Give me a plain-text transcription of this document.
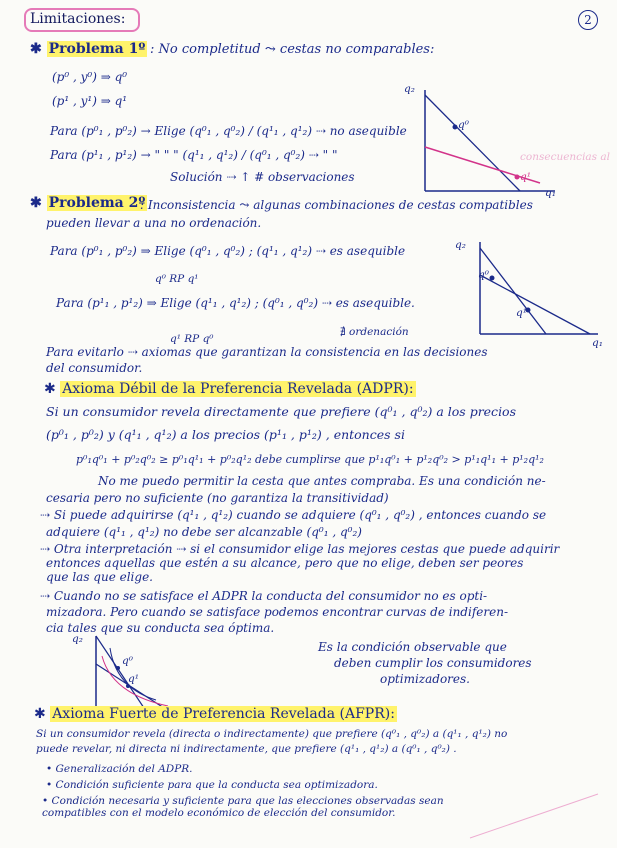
Limitaciones:	2
✱ Problema 1º : No completitud ⤳ cestas no comparables:
(p⁰ , y⁰) ⇒ q⁰
(p¹ , y¹) ⇒ q¹
Para (p⁰₁ , p⁰₂) → Elige (q⁰₁ , q⁰₂) / (q¹₁ , q¹₂) ⇢ no asequible
Para (p¹₁ , p¹₂) → " " " (q¹₁ , q¹₂) / (q⁰₁ , q⁰₂) ⇢ " "
Solución ⇢ ↑ # observaciones
consecuencias al
q₂
q₁
q⁰
q¹
✱ Problema 2º
: Inconsistencia ⤳ algunas combinaciones de cestas compatibles
pueden llevar a una no ordenación.
Para (p⁰₁ , p⁰₂) ⇒ Elige (q⁰₁ , q⁰₂) ; (q¹₁ , q¹₂) ⇢ es asequible
q⁰ RP q¹
Para (p¹₁ , p¹₂) ⇒ Elige (q¹₁ , q¹₂) ; (q⁰₁ , q⁰₂) ⇢ es asequible.
q¹ RP q⁰
∄ ordenación
Para evitarlo ⇢ axiomas que garantizan la consistencia en las decisiones
del consumidor.
q₂
q₁
q⁰
q¹
✱ Axioma Débil de la Preferencia Revelada (ADPR):
Si un consumidor revela directamente que prefiere (q⁰₁ , q⁰₂) a los precios
(p⁰₁ , p⁰₂) y (q¹₁ , q¹₂) a los precios (p¹₁ , p¹₂) , entonces si
p⁰₁q⁰₁ + p⁰₂q⁰₂ ≥ p⁰₁q¹₁ + p⁰₂q¹₂ debe cumplirse que p¹₁q⁰₁ + p¹₂q⁰₂ > p¹₁q¹₁ + p¹₂q¹₂
No me puedo permitir la cesta que antes compraba. Es una condición ne-
cesaria pero no suficiente (no garantiza la transitividad)
⇢ Si puede adquirirse (q¹₁ , q¹₂) cuando se adquiere (q⁰₁ , q⁰₂) , entonces cuando se
adquiere (q¹₁ , q¹₂) no debe ser alcanzable (q⁰₁ , q⁰₂)
⇢ Otra interpretación ⇢ si el consumidor elige las mejores cestas que puede adquirir
entonces aquellas que estén a su alcance, pero que no elige, deben ser peores
que las que elige.
⇢ Cuando no se satisface el ADPR la conducta del consumidor no es opti-
mizadora. Pero cuando se satisface podemos encontrar curvas de indiferen-
cia tales que su conducta sea óptima.
q₂
q⁰
q¹
Es la condición observable que
deben cumplir los consumidores
optimizadores.
✱ Axioma Fuerte de Preferencia Revelada (AFPR):
Si un consumidor revela (directa o indirectamente) que prefiere (q⁰₁ , q⁰₂) a (q¹₁ , q¹₂) no
puede revelar, ni directa ni indirectamente, que prefiere (q¹₁ , q¹₂) a (q⁰₁ , q⁰₂) .
• Generalización del ADPR.
• Condición suficiente para que la conducta sea optimizadora.
• Condición necesaria y suficiente para que las elecciones observadas sean
compatibles con el modelo económico de elección del consumidor.
